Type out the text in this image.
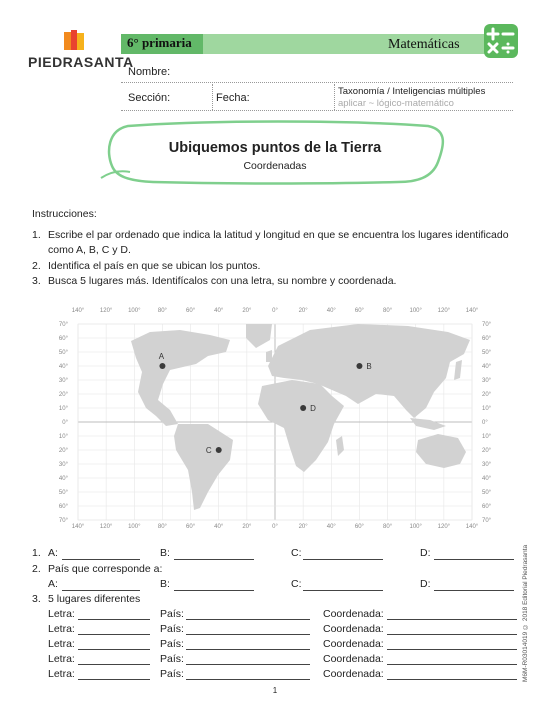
PIEDRASANTA
6° primaria	Matemáticas
Nombre:
Sección:	Fecha:
Taxonomía / Inteligencias múltiples
aplicar ~ lógico-matemático
Ubiquemos puntos de la Tierra
Coordenadas
Instrucciones:
1. Escribe el par ordenado que indica la latitud y longitud en que se encuentra los lugares identificado
como A, B, C y D.
2. Identifica el país en que se ubican los puntos.
3. Busca 5 lugares más. Identifícalos con una letra, su nombre y coordenada.
140°
140°
120°
120°
100°
100°
80°
80°
60°
60°
40°
40°
20°
20°
0°
0°
20°
20°
40°
40°
60°
60°
80°
80°
100°
100°
120°
120°
140°
140°
70°	70°
60°	60°
50°	50°
40°	40°
30°	30°
20°	20°
10°	10°
0°	0°
10°	10°
20°	20°
30°	30°
40°	40°
50°	50°
60°	60°
70°	70°
A
B
C
D
1. A:	B:	C:	D:
2. País que corresponde a:
A:	B:	C:	D:
3. 5 lugares diferentes
Letra:	País:	Coordenada:
Letra:	País:	Coordenada:
Letra:	País:	Coordenada:
Letra:	País:	Coordenada:
Letra:	País:	Coordenada:	M6M-R03014019 © 2018 Editorial Piedrasanta
1
